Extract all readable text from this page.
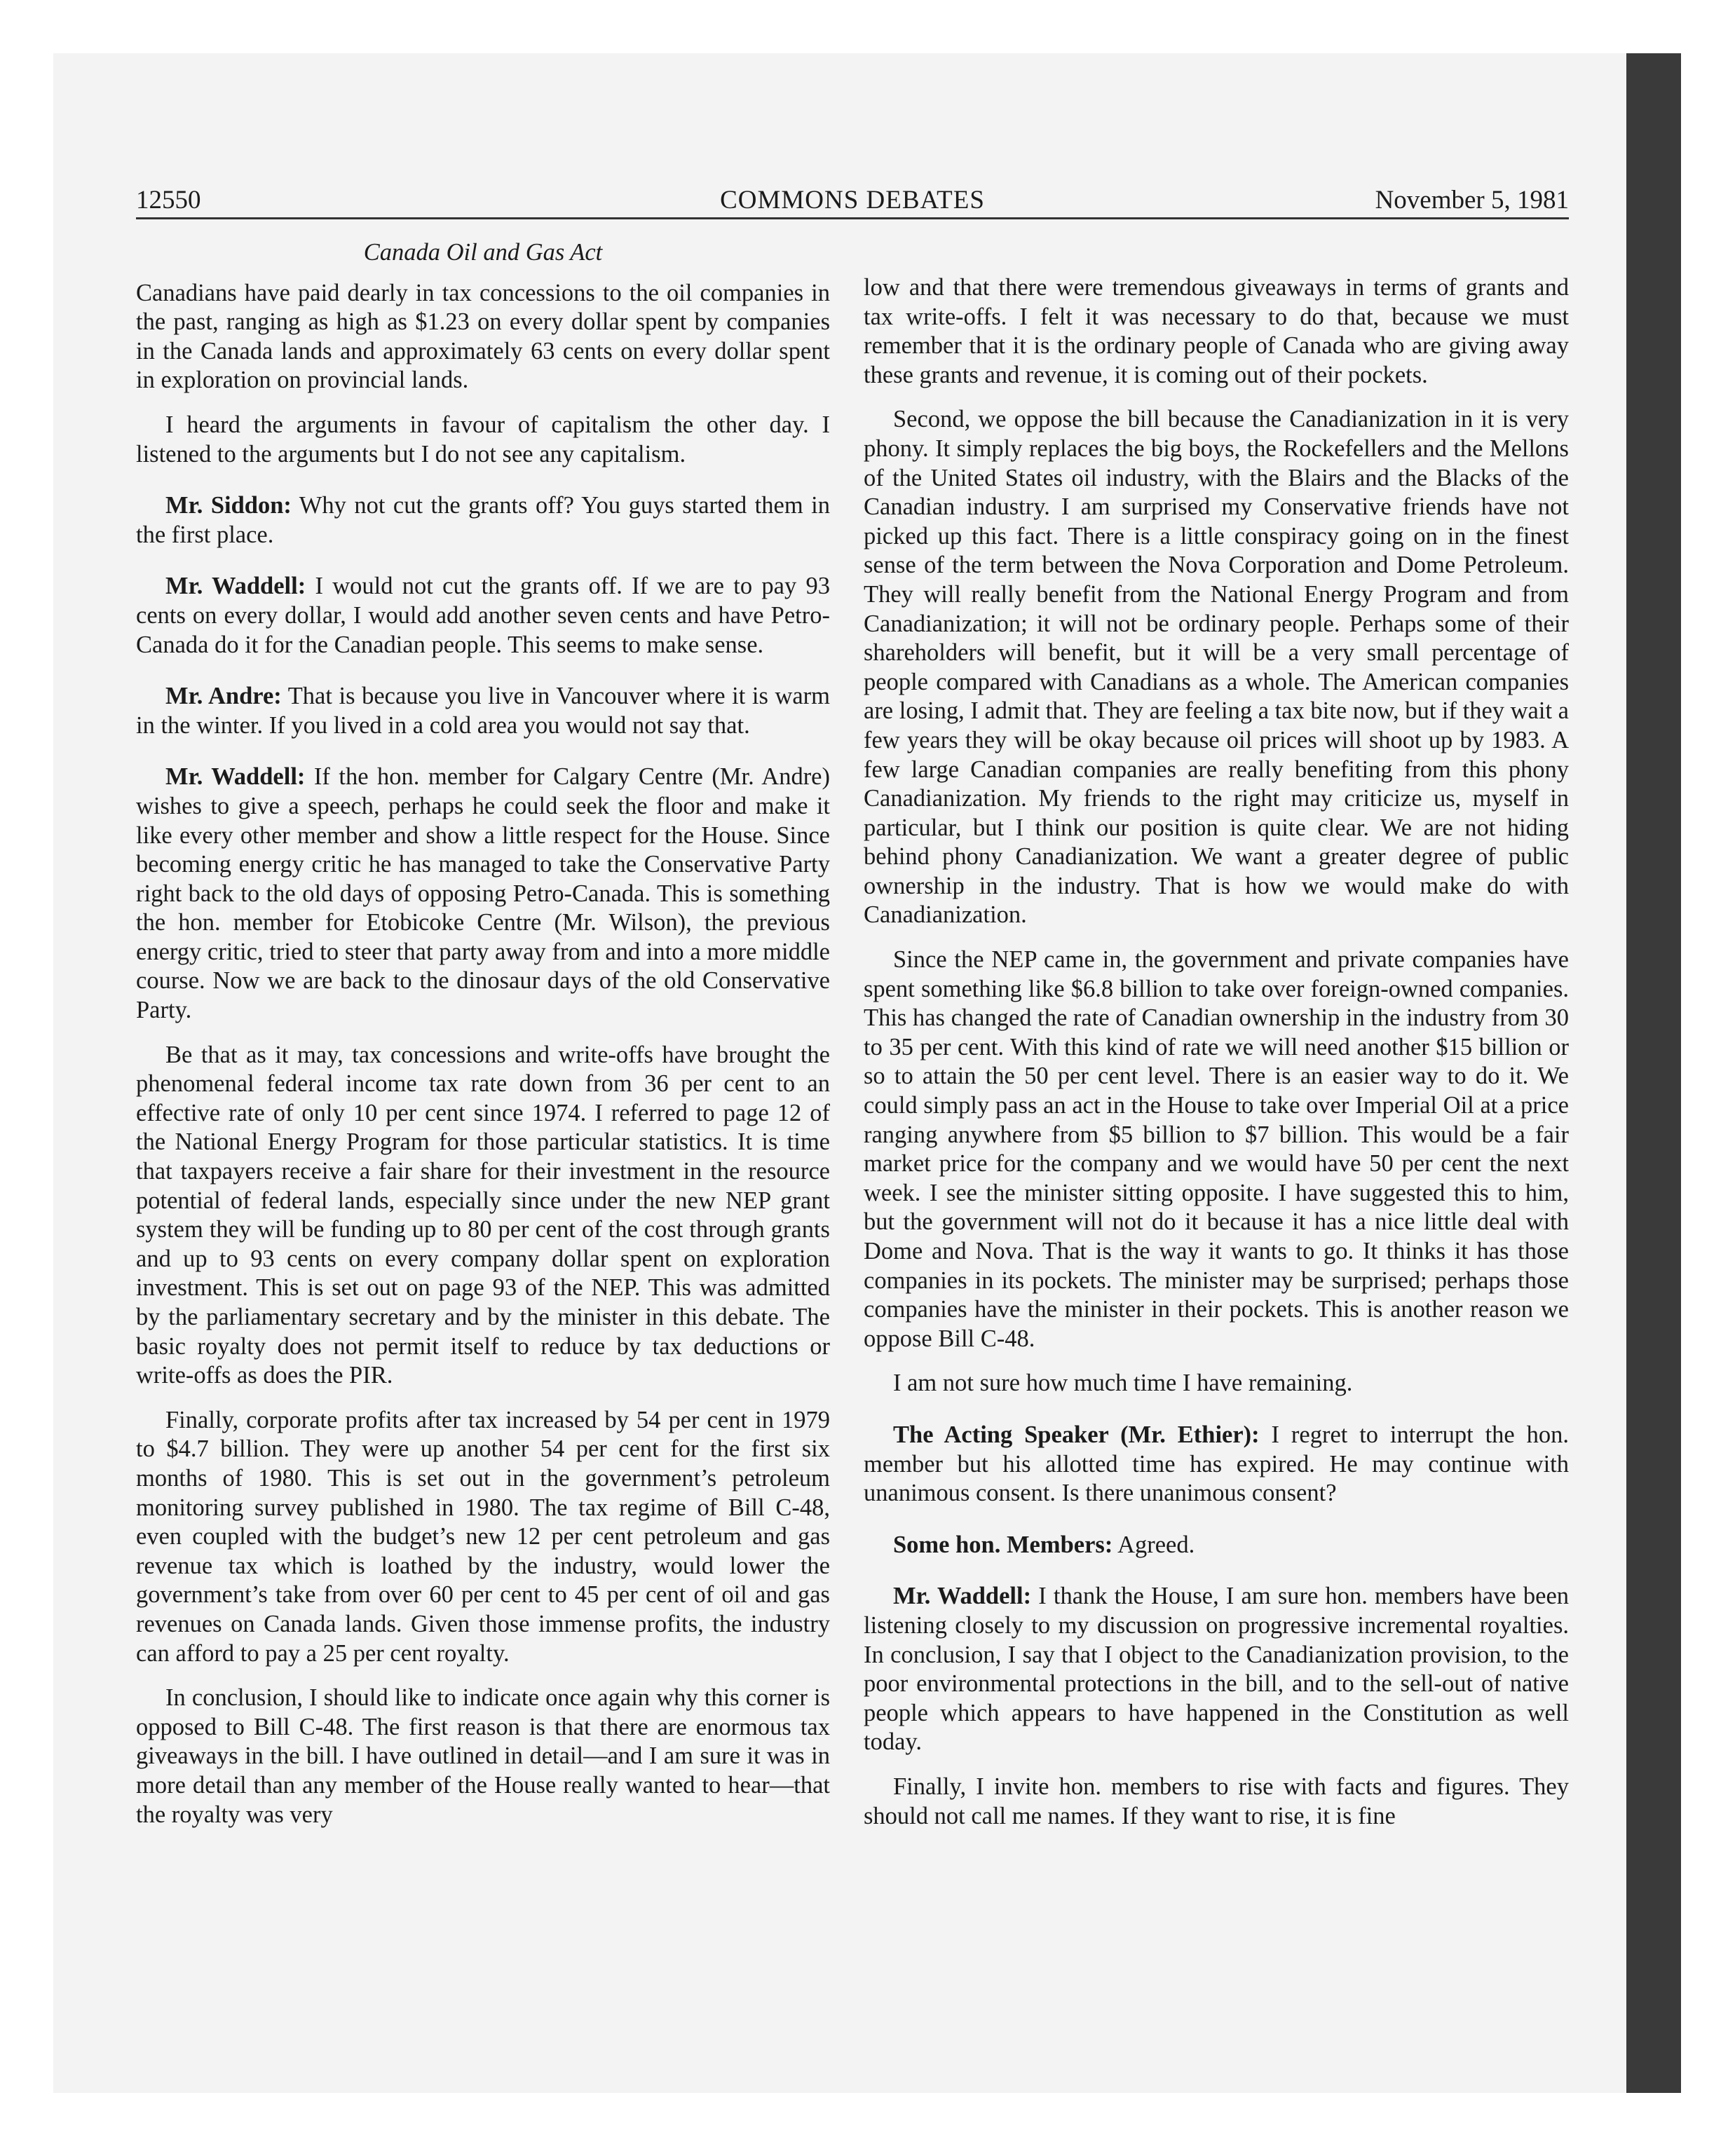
12550	COMMONS DEBATES	November 5, 1981
Canada Oil and Gas Act

Canadians have paid dearly in tax concessions to the oil companies in the past, ranging as high as $1.23 on every dollar spent by companies in the Canada lands and approximately 63 cents on every dollar spent in exploration on provincial lands.

I heard the arguments in favour of capitalism the other day. I listened to the arguments but I do not see any capitalism.

Mr. Siddon: Why not cut the grants off? You guys started them in the first place.

Mr. Waddell: I would not cut the grants off. If we are to pay 93 cents on every dollar, I would add another seven cents and have Petro-Canada do it for the Canadian people. This seems to make sense.

Mr. Andre: That is because you live in Vancouver where it is warm in the winter. If you lived in a cold area you would not say that.

Mr. Waddell: If the hon. member for Calgary Centre (Mr. Andre) wishes to give a speech, perhaps he could seek the floor and make it like every other member and show a little respect for the House. Since becoming energy critic he has managed to take the Conservative Party right back to the old days of opposing Petro-Canada. This is something the hon. member for Etobicoke Centre (Mr. Wilson), the previous energy critic, tried to steer that party away from and into a more middle course. Now we are back to the dinosaur days of the old Conservative Party.

Be that as it may, tax concessions and write-offs have brought the phenomenal federal income tax rate down from 36 per cent to an effective rate of only 10 per cent since 1974. I referred to page 12 of the National Energy Program for those particular statistics. It is time that taxpayers receive a fair share for their investment in the resource potential of federal lands, especially since under the new NEP grant system they will be funding up to 80 per cent of the cost through grants and up to 93 cents on every company dollar spent on exploration investment. This is set out on page 93 of the NEP. This was admitted by the parliamentary secretary and by the minister in this debate. The basic royalty does not permit itself to reduce by tax deductions or write-offs as does the PIR.

Finally, corporate profits after tax increased by 54 per cent in 1979 to $4.7 billion. They were up another 54 per cent for the first six months of 1980. This is set out in the government’s petroleum monitoring survey published in 1980. The tax regime of Bill C-48, even coupled with the budget’s new 12 per cent petroleum and gas revenue tax which is loathed by the industry, would lower the government’s take from over 60 per cent to 45 per cent of oil and gas revenues on Canada lands. Given those immense profits, the industry can afford to pay a 25 per cent royalty.

In conclusion, I should like to indicate once again why this corner is opposed to Bill C-48. The first reason is that there are enormous tax giveaways in the bill. I have outlined in detail—and I am sure it was in more detail than any member of the House really wanted to hear—that the royalty was very

low and that there were tremendous giveaways in terms of grants and tax write-offs. I felt it was necessary to do that, because we must remember that it is the ordinary people of Canada who are giving away these grants and revenue, it is coming out of their pockets.

Second, we oppose the bill because the Canadianization in it is very phony. It simply replaces the big boys, the Rockefellers and the Mellons of the United States oil industry, with the Blairs and the Blacks of the Canadian industry. I am surprised my Conservative friends have not picked up this fact. There is a little conspiracy going on in the finest sense of the term between the Nova Corporation and Dome Petroleum. They will really benefit from the National Energy Program and from Canadianization; it will not be ordinary people. Perhaps some of their shareholders will benefit, but it will be a very small percentage of people compared with Canadians as a whole. The American companies are losing, I admit that. They are feeling a tax bite now, but if they wait a few years they will be okay because oil prices will shoot up by 1983. A few large Canadian companies are really benefiting from this phony Canadianization. My friends to the right may criticize us, myself in particular, but I think our position is quite clear. We are not hiding behind phony Canadianization. We want a greater degree of public ownership in the industry. That is how we would make do with Canadianization.

Since the NEP came in, the government and private companies have spent something like $6.8 billion to take over foreign-owned companies. This has changed the rate of Canadian ownership in the industry from 30 to 35 per cent. With this kind of rate we will need another $15 billion or so to attain the 50 per cent level. There is an easier way to do it. We could simply pass an act in the House to take over Imperial Oil at a price ranging anywhere from $5 billion to $7 billion. This would be a fair market price for the company and we would have 50 per cent the next week. I see the minister sitting opposite. I have suggested this to him, but the government will not do it because it has a nice little deal with Dome and Nova. That is the way it wants to go. It thinks it has those companies in its pockets. The minister may be surprised; perhaps those companies have the minister in their pockets. This is another reason we oppose Bill C-48.

I am not sure how much time I have remaining.

The Acting Speaker (Mr. Ethier): I regret to interrupt the hon. member but his allotted time has expired. He may continue with unanimous consent. Is there unanimous consent?

Some hon. Members: Agreed.

Mr. Waddell: I thank the House, I am sure hon. members have been listening closely to my discussion on progressive incremental royalties. In conclusion, I say that I object to the Canadianization provision, to the poor environmental protections in the bill, and to the sell-out of native people which appears to have happened in the Constitution as well today.

Finally, I invite hon. members to rise with facts and figures. They should not call me names. If they want to rise, it is fine
